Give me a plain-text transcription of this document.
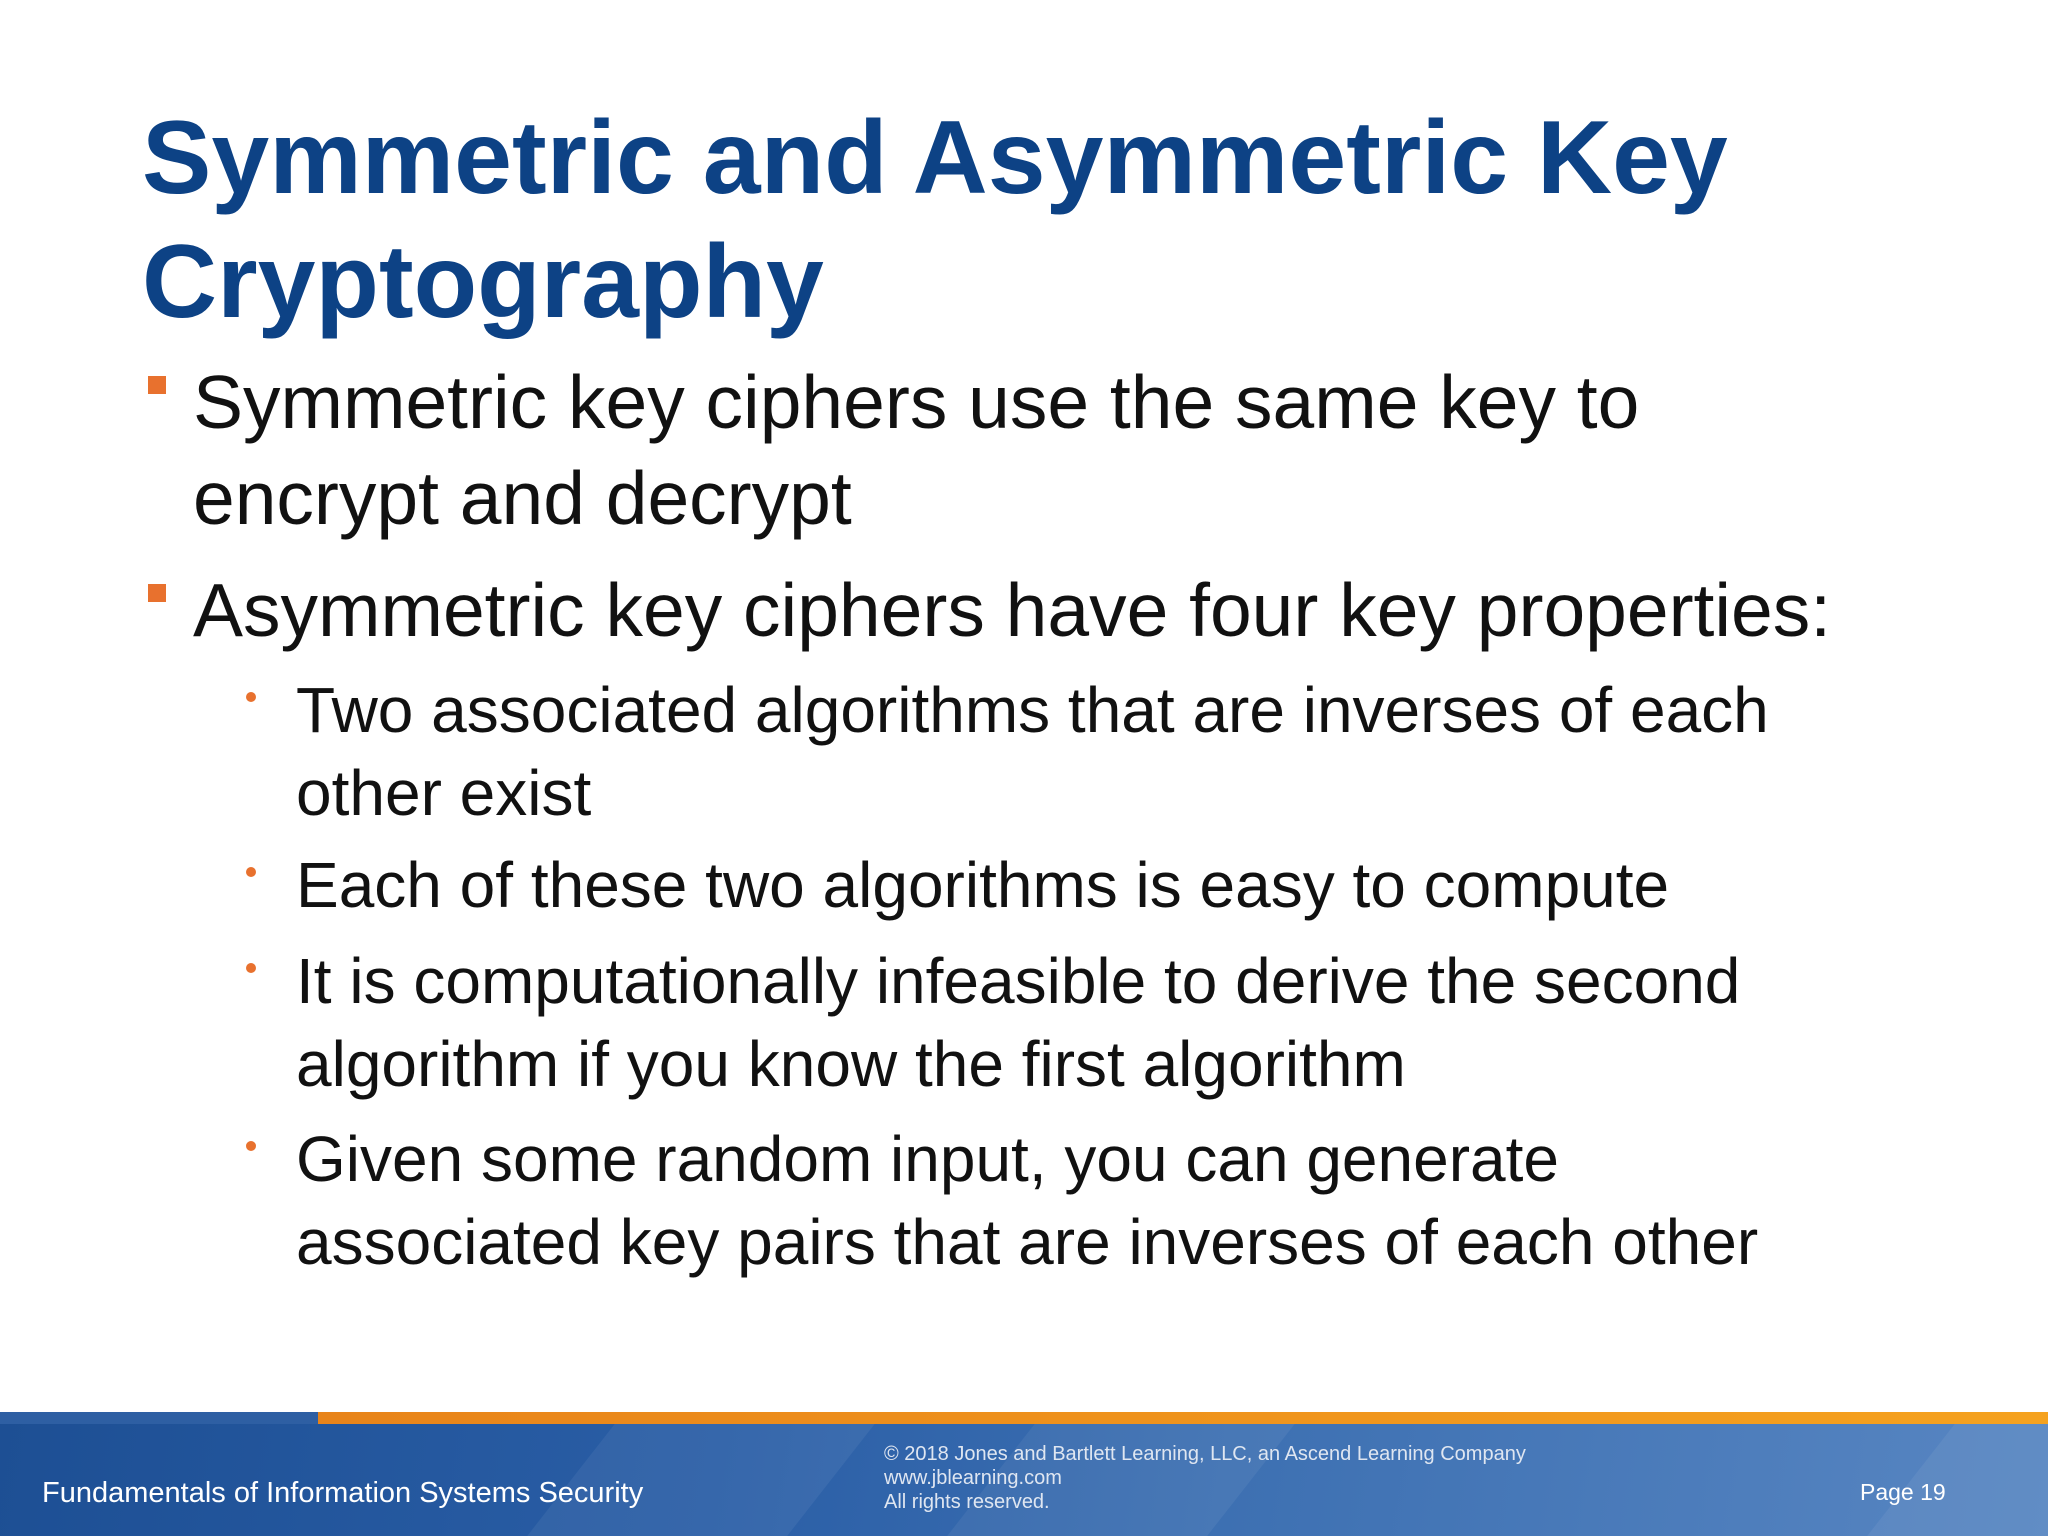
Symmetric and Asymmetric Key
Cryptography
Symmetric key ciphers use the same key to
encrypt and decrypt
Asymmetric key ciphers have four key properties:
Two associated algorithms that are inverses of each
other exist
Each of these two algorithms is easy to compute
It is computationally infeasible to derive the second
algorithm if you know the first algorithm
Given some random input, you can generate
associated key pairs that are inverses of each other
Fundamentals of Information Systems Security
© 2018 Jones and Bartlett Learning, LLC, an Ascend Learning Company
www.jblearning.com
All rights reserved.	Page 19
